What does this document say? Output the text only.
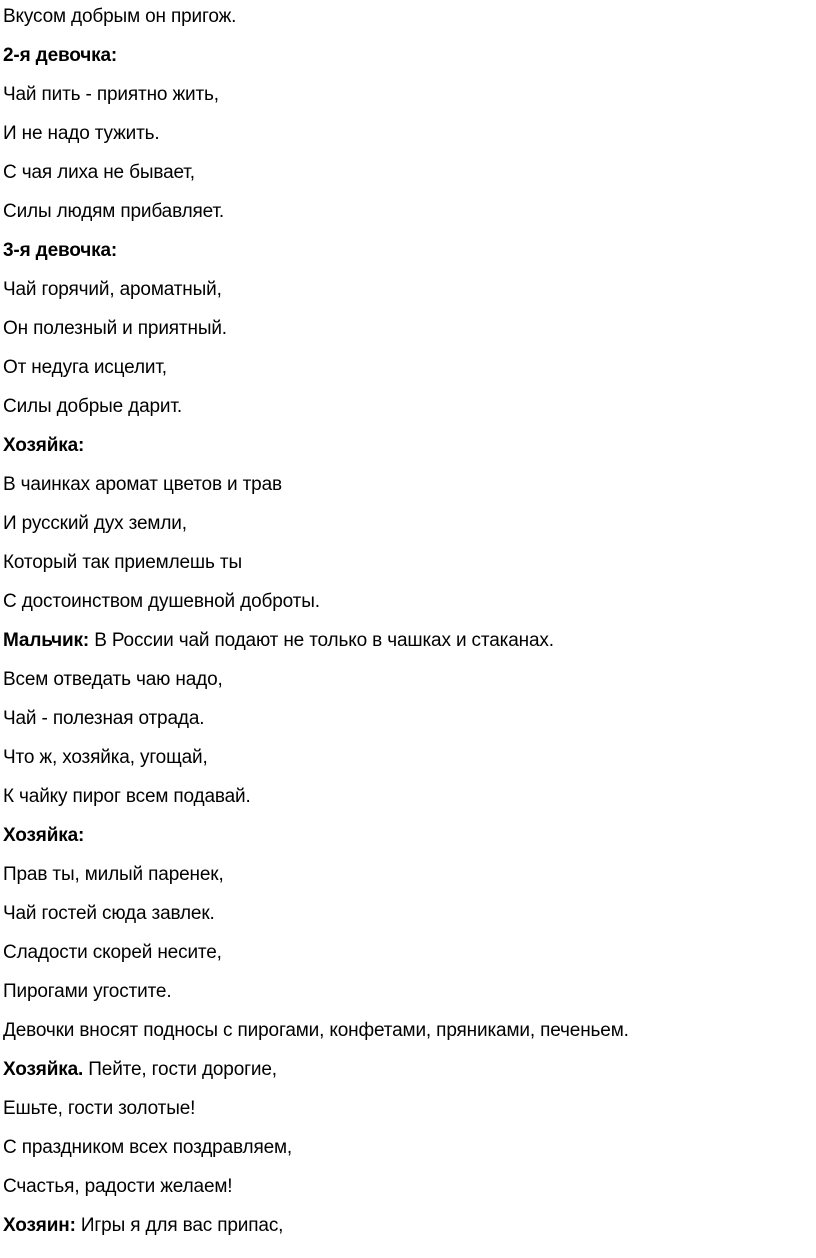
Вкусом добрым он пригож.

2-я девочка:

Чай пить - приятно жить,

И не надо тужить.

С чая лиха не бывает,

Силы людям прибавляет.

3-я девочка:

Чай горячий, ароматный,

Он полезный и приятный.

От недуга исцелит,

Силы добрые дарит.

Хозяйка:

В чаинках аромат цветов и трав

И русский дух земли,

Который так приемлешь ты

С достоинством душевной доброты.

Мальчик: В России чай подают не только в чашках и стаканах.

Всем отведать чаю надо,

Чай - полезная отрада.

Что ж, хозяйка, угощай,

К чайку пирог всем подавай.

Хозяйка:

Прав ты, милый паренек,

Чай гостей сюда завлек.

Сладости скорей несите,

Пирогами угостите.

Девочки вносят подносы с пирогами, конфетами, пряниками, печеньем.

Хозяйка. Пейте, гости дорогие,

Ешьте, гости золотые!

С праздником всех поздравляем,

Счастья, радости желаем!

Хозяин: Игры я для вас припас,
